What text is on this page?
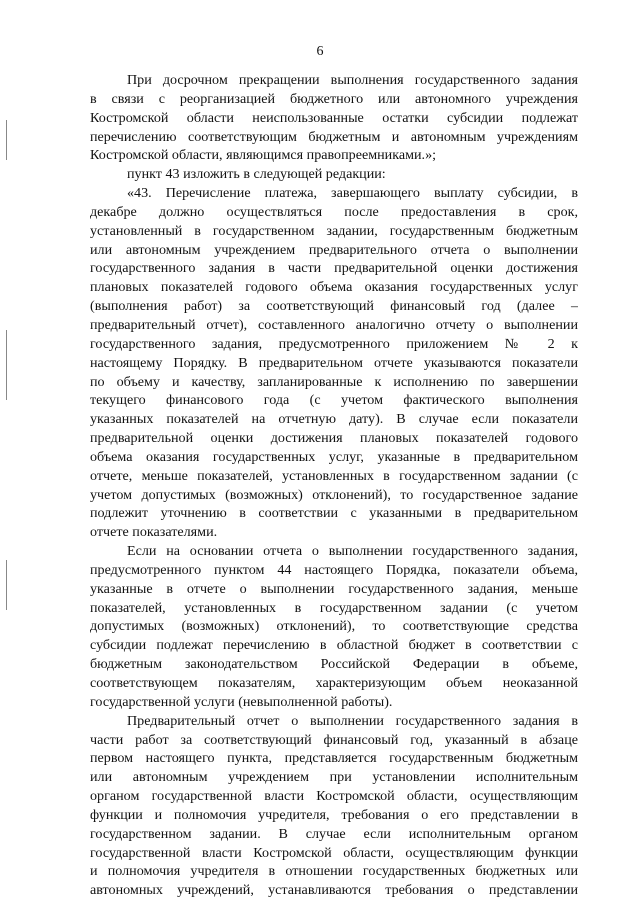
6
При досрочном прекращении выполнения государственного задания
в связи с реорганизацией бюджетного или автономного учреждения
Костромской области неиспользованные остатки субсидии подлежат
перечислению соответствующим бюджетным и автономным учреждениям
Костромской области, являющимся правопреемниками.»;
пункт 43 изложить в следующей редакции:
«43. Перечисление платежа, завершающего выплату субсидии, в
декабре должно осуществляться после предоставления в срок,
установленный в государственном задании, государственным бюджетным
или автономным учреждением предварительного отчета о выполнении
государственного задания в части предварительной оценки достижения
плановых показателей годового объема оказания государственных услуг
(выполнения работ) за соответствующий финансовый год (далее –
предварительный отчет), составленного аналогично отчету о выполнении
государственного задания, предусмотренного приложением № 2 к
настоящему Порядку. В предварительном отчете указываются показатели
по объему и качеству, запланированные к исполнению по завершении
текущего финансового года (с учетом фактического выполнения
указанных показателей на отчетную дату). В случае если показатели
предварительной оценки достижения плановых показателей годового
объема оказания государственных услуг, указанные в предварительном
отчете, меньше показателей, установленных в государственном задании (с
учетом допустимых (возможных) отклонений), то государственное задание
подлежит уточнению в соответствии с указанными в предварительном
отчете показателями.
Если на основании отчета о выполнении государственного задания,
предусмотренного пунктом 44 настоящего Порядка, показатели объема,
указанные в отчете о выполнении государственного задания, меньше
показателей, установленных в государственном задании (с учетом
допустимых (возможных) отклонений), то соответствующие средства
субсидии подлежат перечислению в областной бюджет в соответствии с
бюджетным законодательством Российской Федерации в объеме,
соответствующем показателям, характеризующим объем неоказанной
государственной услуги (невыполненной работы).
Предварительный отчет о выполнении государственного задания в
части работ за соответствующий финансовый год, указанный в абзаце
первом настоящего пункта, представляется государственным бюджетным
или автономным учреждением при установлении исполнительным
органом государственной власти Костромской области, осуществляющим
функции и полномочия учредителя, требования о его представлении в
государственном задании. В случае если исполнительным органом
государственной власти Костромской области, осуществляющим функции
и полномочия учредителя в отношении государственных бюджетных или
автономных учреждений, устанавливаются требования о представлении
